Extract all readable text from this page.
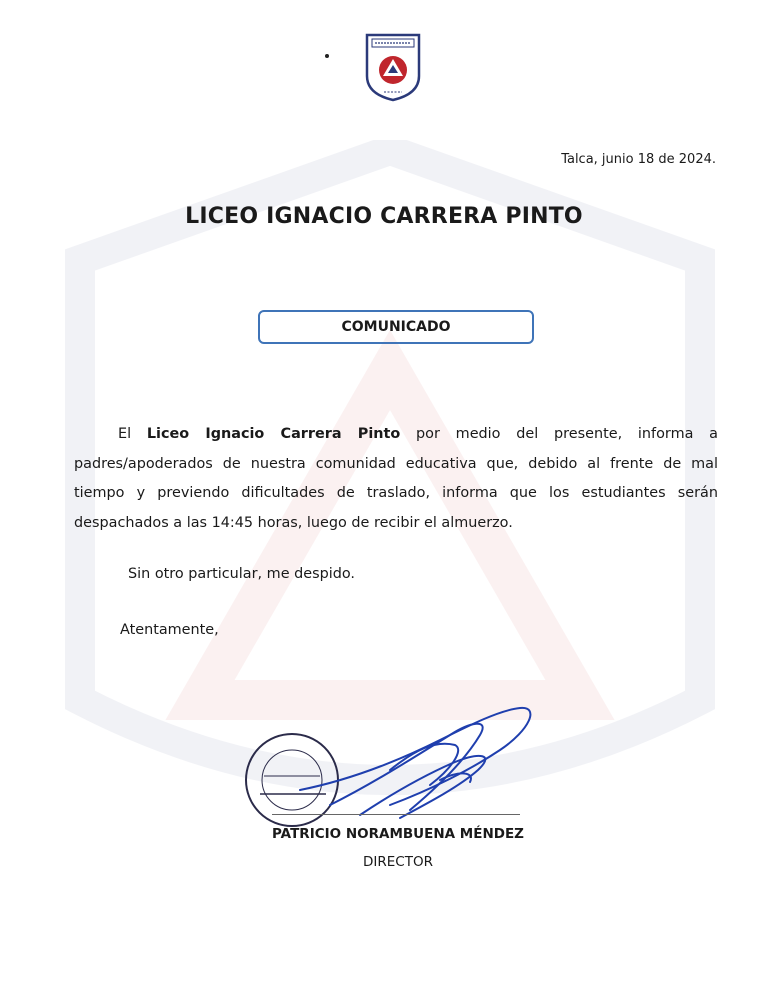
Talca, junio 18 de 2024.
LICEO IGNACIO CARRERA PINTO
COMUNICADO
El Liceo Ignacio Carrera Pinto por medio del presente, informa a padres/apoderados de nuestra comunidad educativa que, debido al frente de mal tiempo y previendo dificultades de traslado, informa que los estudiantes serán despachados a las 14:45 horas, luego de recibir el almuerzo.
Sin otro particular, me despido.
Atentamente,
PATRICIO NORAMBUENA MÉNDEZ
DIRECTOR
